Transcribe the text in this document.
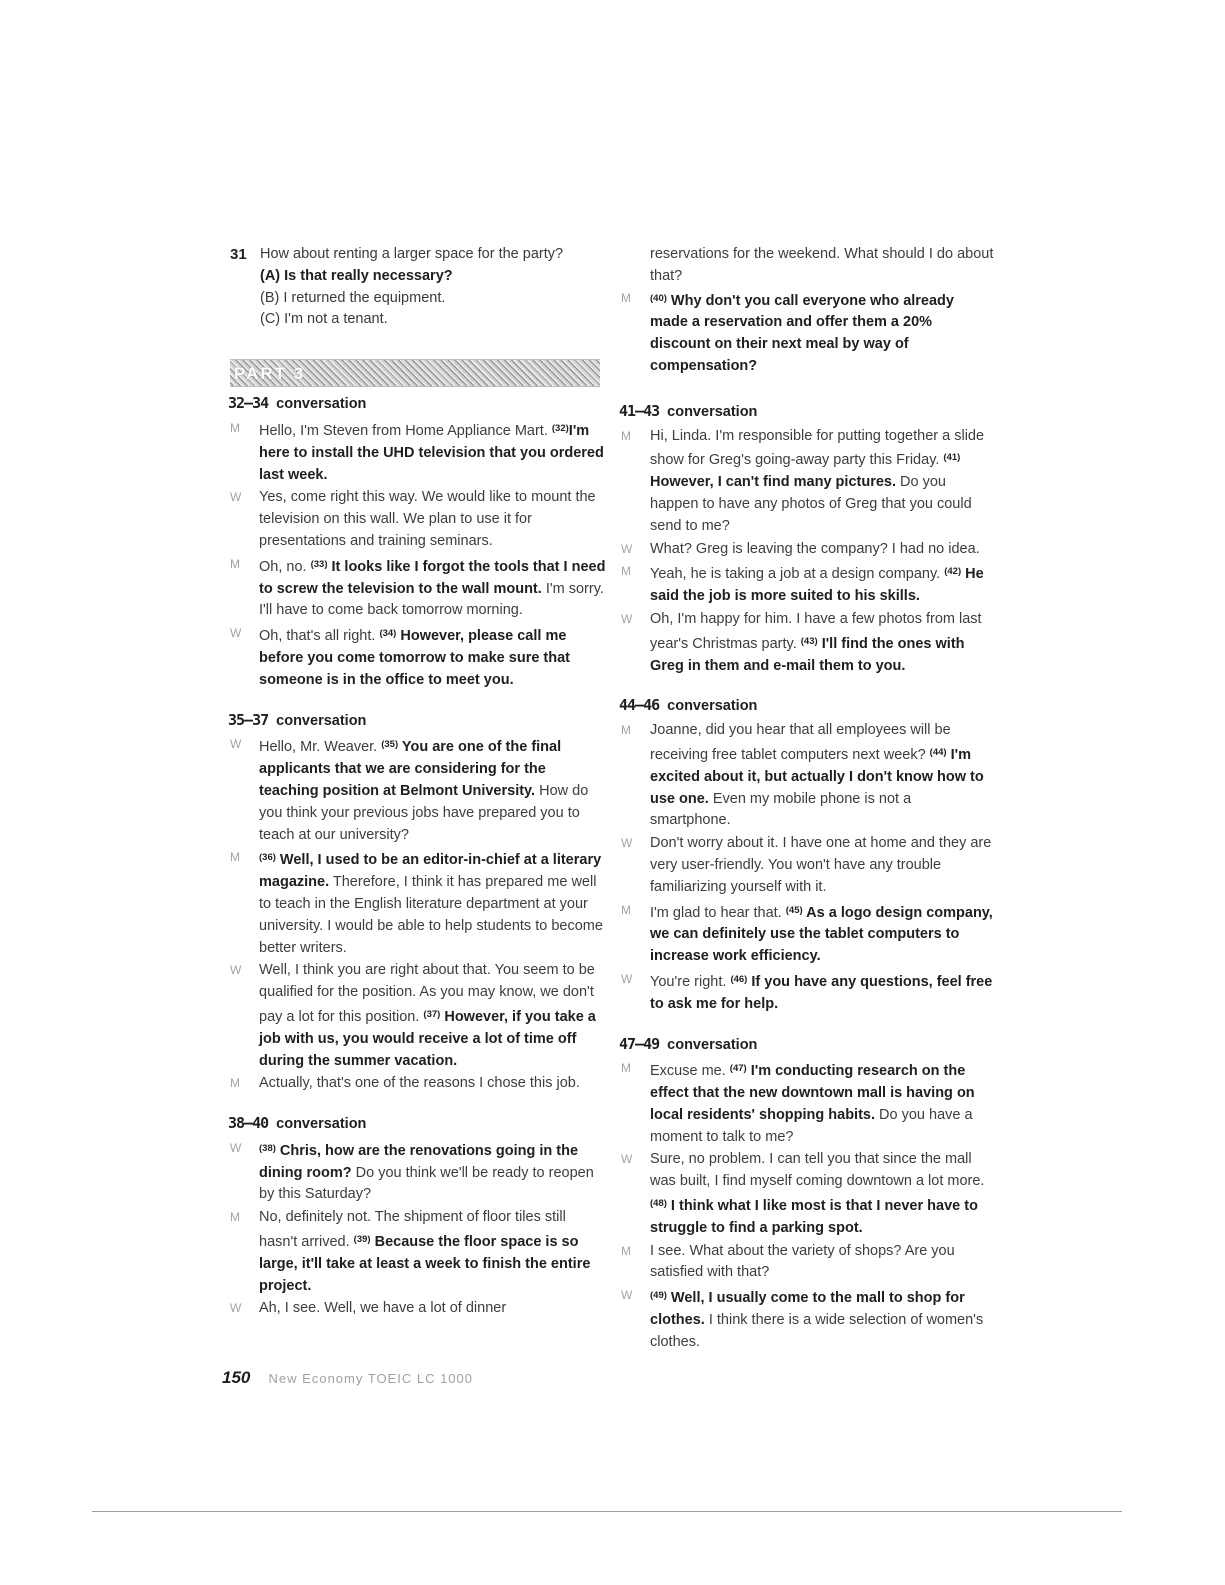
31 How about renting a larger space for the party?
(A) Is that really necessary?
(B) I returned the equipment.
(C) I'm not a tenant.
PART 3
32–34 conversation
M Hello, I'm Steven from Home Appliance Mart. $^{(32)}$I'm here to install the UHD television that you ordered last week.
W Yes, come right this way. We would like to mount the television on this wall. We plan to use it for presentations and training seminars.
M Oh, no. $^{(33)}$ It looks like I forgot the tools that I need to screw the television to the wall mount. I'm sorry. I'll have to come back tomorrow morning.
W Oh, that's all right. $^{(34)}$ However, please call me before you come tomorrow to make sure that someone is in the office to meet you.
35–37 conversation
W Hello, Mr. Weaver. $^{(35)}$ You are one of the final applicants that we are considering for the teaching position at Belmont University. How do you think your previous jobs have prepared you to teach at our university?
M $^{(36)}$ Well, I used to be an editor-in-chief at a literary magazine. Therefore, I think it has prepared me well to teach in the English literature department at your university. I would be able to help students to become better writers.
W Well, I think you are right about that. You seem to be qualified for the position. As you may know, we don't pay a lot for this position. $^{(37)}$ However, if you take a job with us, you would receive a lot of time off during the summer vacation.
M Actually, that's one of the reasons I chose this job.
38–40 conversation
W $^{(38)}$ Chris, how are the renovations going in the dining room? Do you think we'll be ready to reopen by this Saturday?
M No, definitely not. The shipment of floor tiles still hasn't arrived. $^{(39)}$ Because the floor space is so large, it'll take at least a week to finish the entire project.
W Ah, I see. Well, we have a lot of dinner
reservations for the weekend. What should I do about that?
M $^{(40)}$ Why don't you call everyone who already made a reservation and offer them a 20% discount on their next meal by way of compensation?
41–43 conversation
M Hi, Linda. I'm responsible for putting together a slide show for Greg's going-away party this Friday. $^{(41)}$ However, I can't find many pictures. Do you happen to have any photos of Greg that you could send to me?
W What? Greg is leaving the company? I had no idea.
M Yeah, he is taking a job at a design company. $^{(42)}$ He said the job is more suited to his skills.
W Oh, I'm happy for him. I have a few photos from last year's Christmas party. $^{(43)}$ I'll find the ones with Greg in them and e-mail them to you.
44–46 conversation
M Joanne, did you hear that all employees will be receiving free tablet computers next week? $^{(44)}$ I'm excited about it, but actually I don't know how to use one. Even my mobile phone is not a smartphone.
W Don't worry about it. I have one at home and they are very user-friendly. You won't have any trouble familiarizing yourself with it.
M I'm glad to hear that. $^{(45)}$ As a logo design company, we can definitely use the tablet computers to increase work efficiency.
W You're right. $^{(46)}$ If you have any questions, feel free to ask me for help.
47–49 conversation
M Excuse me. $^{(47)}$ I'm conducting research on the effect that the new downtown mall is having on local residents' shopping habits. Do you have a moment to talk to me?
W Sure, no problem. I can tell you that since the mall was built, I find myself coming downtown a lot more. $^{(48)}$ I think what I like most is that I never have to struggle to find a parking spot.
M I see. What about the variety of shops? Are you satisfied with that?
W $^{(49)}$ Well, I usually come to the mall to shop for clothes. I think there is a wide selection of women's clothes.
150 New Economy TOEIC LC 1000
